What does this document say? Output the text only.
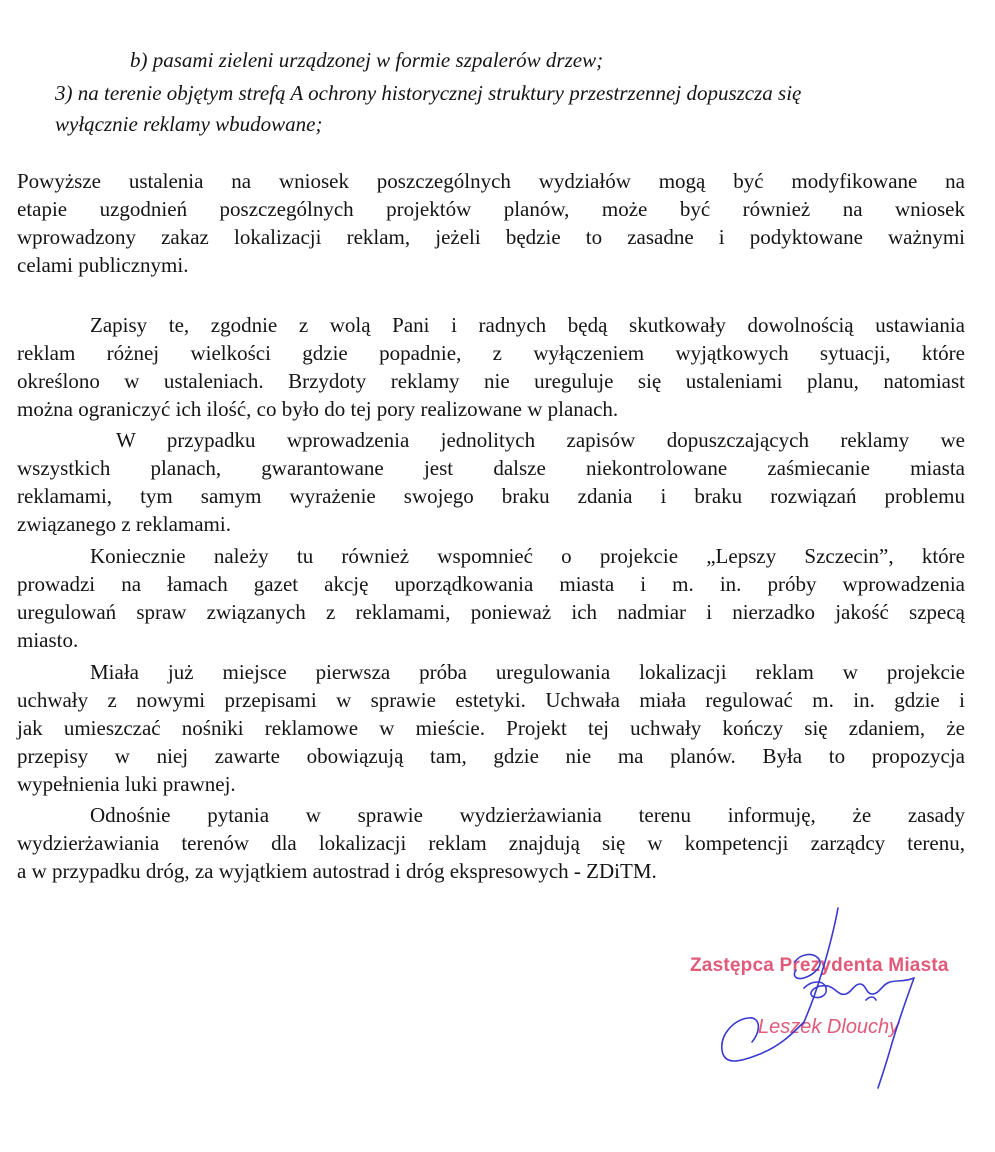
b) pasami zieleni urządzonej w formie szpalerów drzew;

3) na terenie objętym strefą A ochrony historycznej struktury przestrzennej dopuszcza się

wyłącznie reklamy wbudowane;

Powyższe ustalenia na wniosek poszczególnych wydziałów mogą być modyfikowane na

etapie uzgodnień poszczególnych projektów planów, może być również na wniosek

wprowadzony zakaz lokalizacji reklam, jeżeli będzie to zasadne i podyktowane ważnymi

celami publicznymi.

Zapisy te, zgodnie z wolą Pani i radnych będą skutkowały dowolnością ustawiania

reklam różnej wielkości gdzie popadnie, z wyłączeniem wyjątkowych sytuacji, które

określono w ustaleniach. Brzydoty reklamy nie ureguluje się ustaleniami planu, natomiast

można ograniczyć ich ilość, co było do tej pory realizowane w planach.

W przypadku wprowadzenia jednolitych zapisów dopuszczających reklamy we

wszystkich planach, gwarantowane jest dalsze niekontrolowane zaśmiecanie miasta

reklamami, tym samym wyrażenie swojego braku zdania i braku rozwiązań problemu

związanego z reklamami.

Koniecznie należy tu również wspomnieć o projekcie „Lepszy Szczecin”, które

prowadzi na łamach gazet akcję uporządkowania miasta i m. in. próby wprowadzenia

uregulowań spraw związanych z reklamami, ponieważ ich nadmiar i nierzadko jakość szpecą

miasto.

Miała już miejsce pierwsza próba uregulowania lokalizacji reklam w projekcie

uchwały z nowymi przepisami w sprawie estetyki. Uchwała miała regulować m. in. gdzie i

jak umieszczać nośniki reklamowe w mieście. Projekt tej uchwały kończy się zdaniem, że

przepisy w niej zawarte obowiązują tam, gdzie nie ma planów. Była to propozycja

wypełnienia luki prawnej.

Odnośnie pytania w sprawie wydzierżawiania terenu informuję, że zasady

wydzierżawiania terenów dla lokalizacji reklam znajdują się w kompetencji zarządcy terenu,

a w przypadku dróg, za wyjątkiem autostrad i dróg ekspresowych - ZDiTM.

Zastępca Prezydenta Miasta

Leszek Dlouchy
